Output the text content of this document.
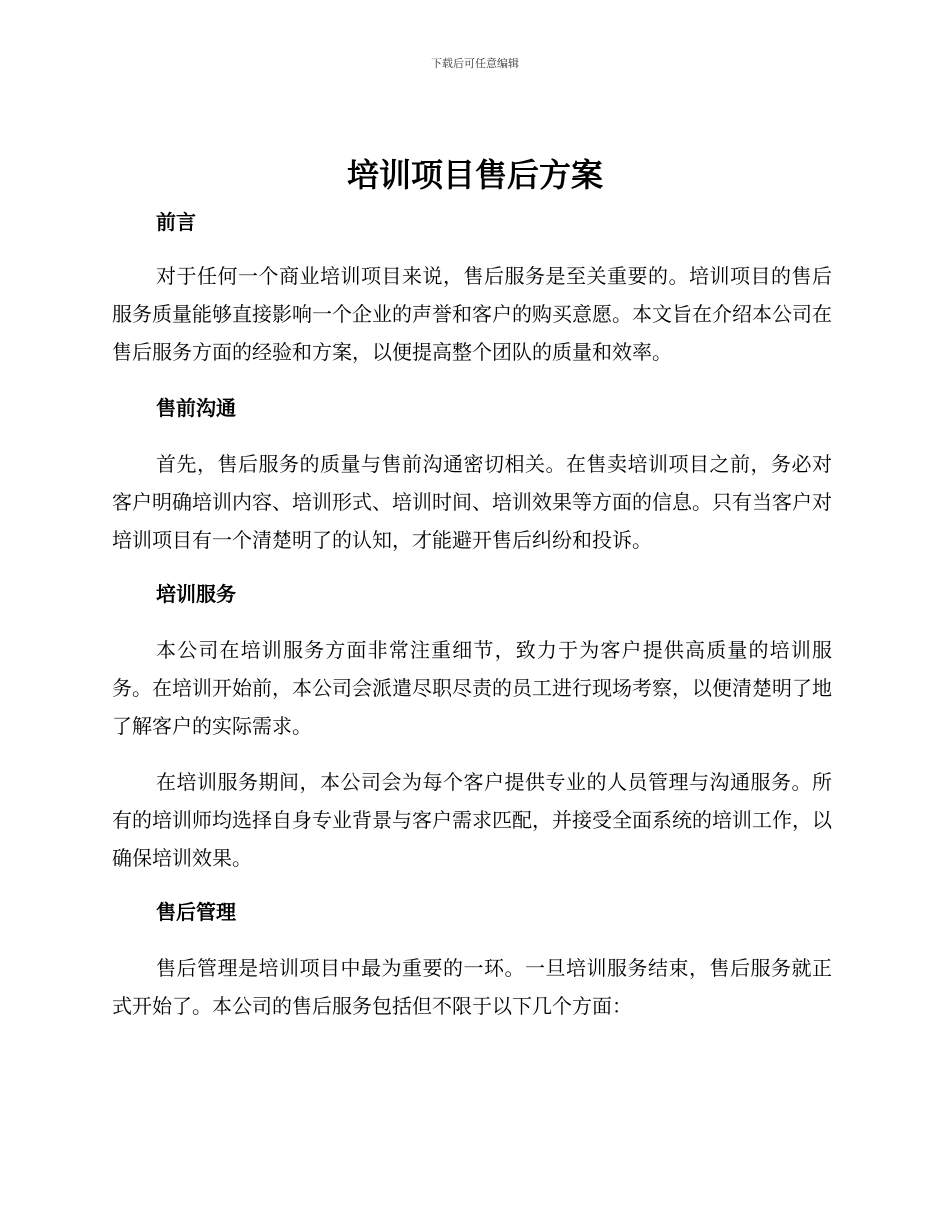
下载后可任意编辑
培训项目售后方案
前言

对于任何一个商业培训项目来说，售后服务是至关重要的。培训项目的售后服务质量能够直接影响一个企业的声誉和客户的购买意愿。本文旨在介绍本公司在售后服务方面的经验和方案，以便提高整个团队的质量和效率。

售前沟通

首先，售后服务的质量与售前沟通密切相关。在售卖培训项目之前，务必对客户明确培训内容、培训形式、培训时间、培训效果等方面的信息。只有当客户对培训项目有一个清楚明了的认知，才能避开售后纠纷和投诉。

培训服务

本公司在培训服务方面非常注重细节，致力于为客户提供高质量的培训服务。在培训开始前，本公司会派遣尽职尽责的员工进行现场考察，以便清楚明了地了解客户的实际需求。

在培训服务期间，本公司会为每个客户提供专业的人员管理与沟通服务。所有的培训师均选择自身专业背景与客户需求匹配，并接受全面系统的培训工作，以确保培训效果。

售后管理

售后管理是培训项目中最为重要的一环。一旦培训服务结束，售后服务就正式开始了。本公司的售后服务包括但不限于以下几个方面：
